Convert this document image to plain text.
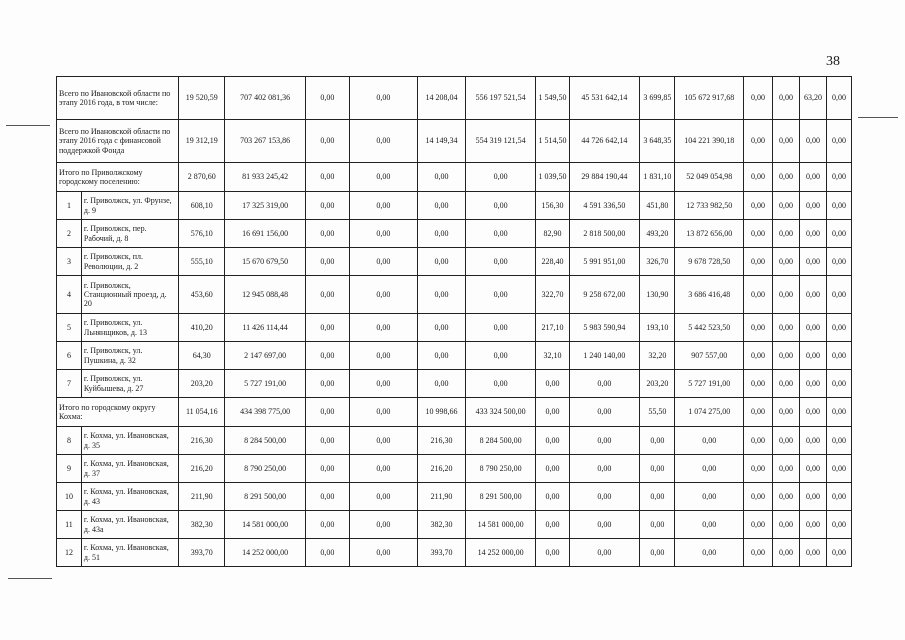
38
Всего по Ивановской области по этапу 2016 года, в том числе:		19 520,59	707 402 081,36	0,00	0,00	14 208,04	556 197 521,54	1 549,50	45 531 642,14	3 699,85	105 672 917,68	0,00	0,00	63,20	0,00
Всего по Ивановской области по этапу 2016 года с финансовой поддержкой Фонда		19 312,19	703 267 153,86	0,00	0,00	14 149,34	554 319 121,54	1 514,50	44 726 642,14	3 648,35	104 221 390,18	0,00	0,00	0,00	0,00
Итого по Приволжскому городскому поселению:		2 870,60	81 933 245,42	0,00	0,00	0,00	0,00	1 039,50	29 884 190,44	1 831,10	52 049 054,98	0,00	0,00	0,00	0,00
1	г. Приволжск, ул. Фрунзе, д. 9	608,10	17 325 319,00	0,00	0,00	0,00	0,00	156,30	4 591 336,50	451,80	12 733 982,50	0,00	0,00	0,00	0,00
2	г. Приволжск, пер. Рабочий, д. 8	576,10	16 691 156,00	0,00	0,00	0,00	0,00	82,90	2 818 500,00	493,20	13 872 656,00	0,00	0,00	0,00	0,00
3	г. Приволжск, пл. Революции, д. 2	555,10	15 670 679,50	0,00	0,00	0,00	0,00	228,40	5 991 951,00	326,70	9 678 728,50	0,00	0,00	0,00	0,00
4	г. Приволжск, Станционный проезд, д. 20	453,60	12 945 088,48	0,00	0,00	0,00	0,00	322,70	9 258 672,00	130,90	3 686 416,48	0,00	0,00	0,00	0,00
5	г. Приволжск, ул. Льнянщиков, д. 13	410,20	11 426 114,44	0,00	0,00	0,00	0,00	217,10	5 983 590,94	193,10	5 442 523,50	0,00	0,00	0,00	0,00
6	г. Приволжск, ул. Пушкина, д. 32	64,30	2 147 697,00	0,00	0,00	0,00	0,00	32,10	1 240 140,00	32,20	907 557,00	0,00	0,00	0,00	0,00
7	г. Приволжск, ул. Куйбышева, д. 27	203,20	5 727 191,00	0,00	0,00	0,00	0,00	0,00	0,00	203,20	5 727 191,00	0,00	0,00	0,00	0,00
Итого по городскому округу Кохма:		11 054,16	434 398 775,00	0,00	0,00	10 998,66	433 324 500,00	0,00	0,00	55,50	1 074 275,00	0,00	0,00	0,00	0,00
8	г. Кохма, ул. Ивановская, д. 35	216,30	8 284 500,00	0,00	0,00	216,30	8 284 500,00	0,00	0,00	0,00	0,00	0,00	0,00	0,00	0,00
9	г. Кохма, ул. Ивановская, д. 37	216,20	8 790 250,00	0,00	0,00	216,20	8 790 250,00	0,00	0,00	0,00	0,00	0,00	0,00	0,00	0,00
10	г. Кохма, ул. Ивановская, д. 43	211,90	8 291 500,00	0,00	0,00	211,90	8 291 500,00	0,00	0,00	0,00	0,00	0,00	0,00	0,00	0,00
11	г. Кохма, ул. Ивановская, д. 43а	382,30	14 581 000,00	0,00	0,00	382,30	14 581 000,00	0,00	0,00	0,00	0,00	0,00	0,00	0,00	0,00
12	г. Кохма, ул. Ивановская, д. 51	393,70	14 252 000,00	0,00	0,00	393,70	14 252 000,00	0,00	0,00	0,00	0,00	0,00	0,00	0,00	0,00
